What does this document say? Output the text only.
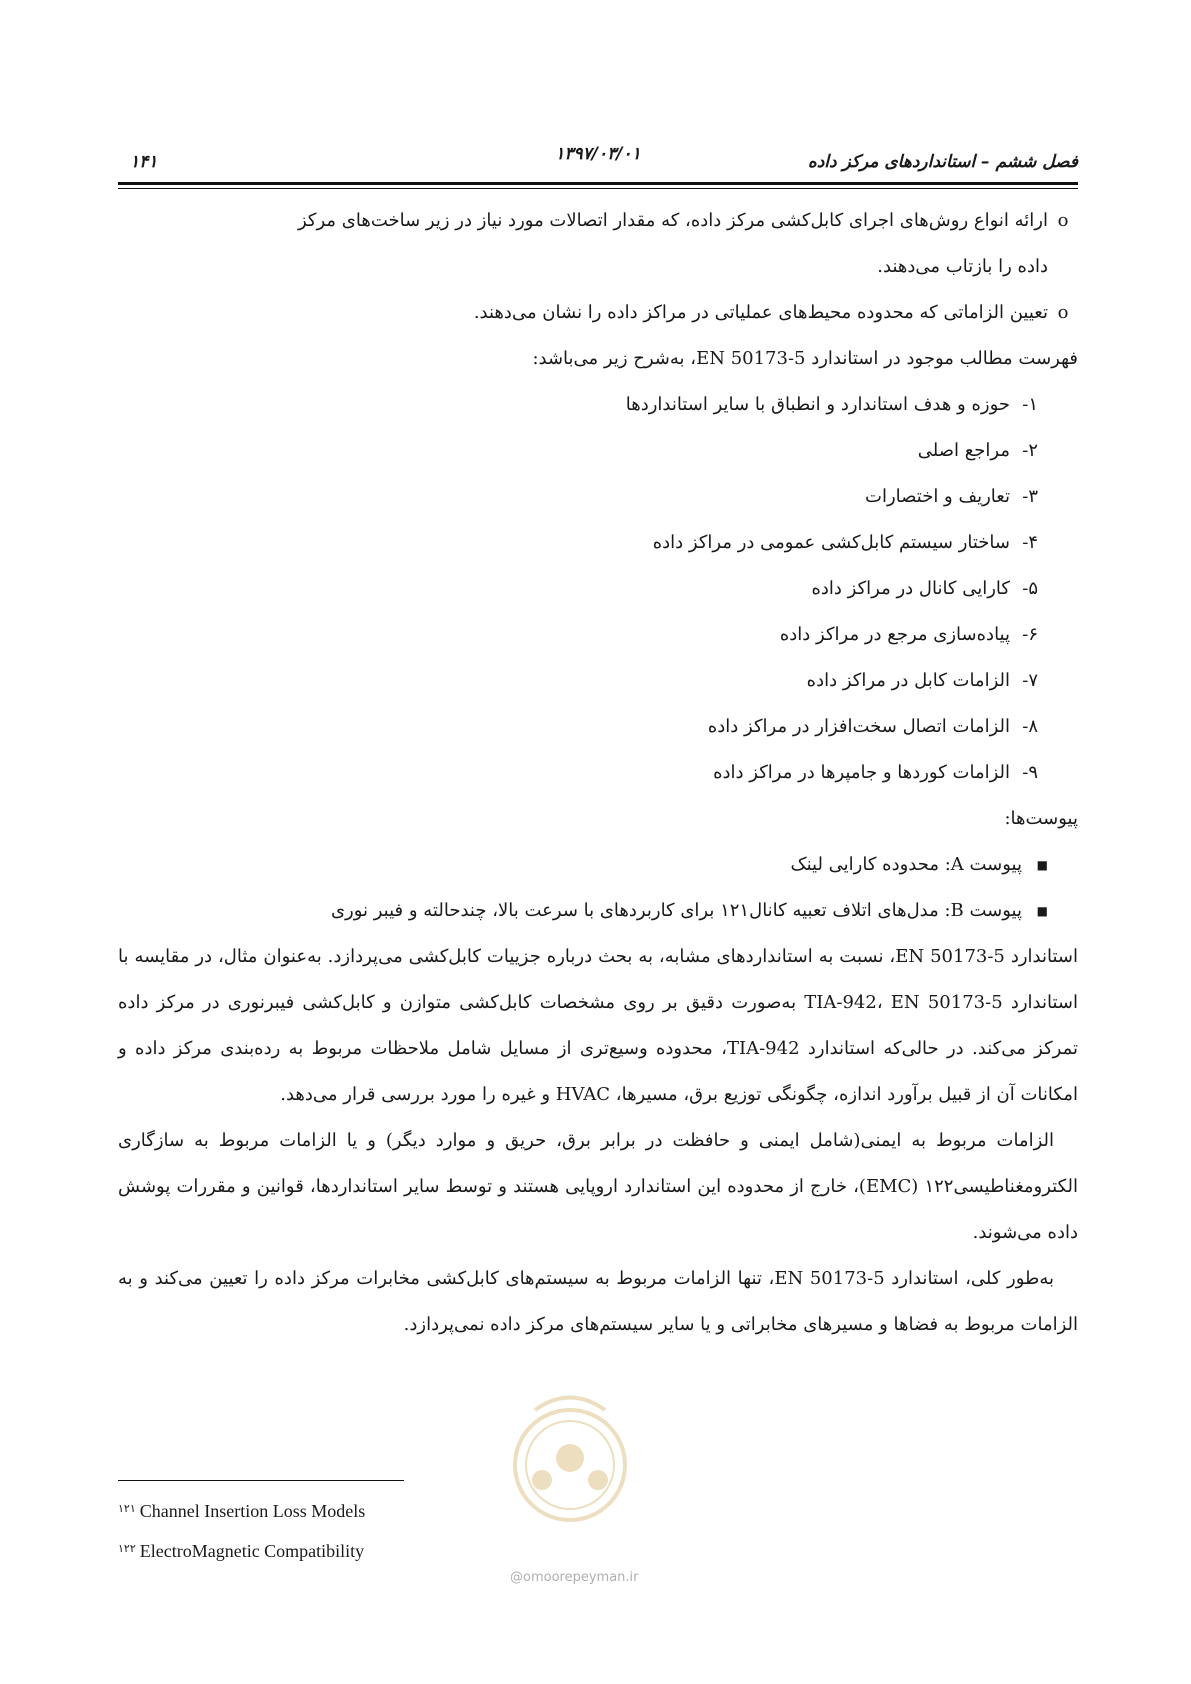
فصل ششم – استانداردهای مرکز داده
۱۳۹۷/۰۳/۰۱
۱۴۱
o
ارائه انواع روش‌های اجرای کابل‌کشی مرکز داده، که مقدار اتصالات مورد نیاز در زیر ساخت‌های مرکز
داده را بازتاب می‌دهند.
o
تعیین الزاماتی که محدوده محیط‌های عملیاتی در مراکز داده را نشان می‌دهند.
فهرست مطالب موجود در استاندارد EN 50173-5، به‌شرح زیر می‌باشد:
۱-
حوزه و هدف استاندارد و انطباق با سایر استانداردها
۲-
مراجع اصلی
۳-
تعاریف و اختصارات
۴-
ساختار سیستم کابل‌کشی عمومی در مراکز داده
۵-
کارایی کانال در مراکز داده
۶-
پیاده‌سازی مرجع در مراکز داده
۷-
الزامات کابل در مراکز داده
۸-
الزامات اتصال سخت‌افزار در مراکز داده
۹-
الزامات کوردها و جامپرها در مراکز داده
پیوست‌ها:
■
پیوست A: محدوده کارایی لینک
■
پیوست B: مدل‌های اتلاف تعبیه کانال۱۲۱ برای کاربردهای با سرعت بالا، چندحالته و فیبر نوری

استاندارد EN 50173-5، نسبت به استانداردهای مشابه، به بحث درباره جزییات کابل‌کشی می‌پردازد. به‌عنوان مثال، در مقایسه با استاندارد TIA-942، EN 50173-5 به‌صورت دقیق بر روی مشخصات کابل‌کشی متوازن و کابل‌کشی فیبرنوری در مرکز داده تمرکز می‌کند. در حالی‌که استاندارد TIA-942، محدوده وسیع‌تری از مسایل شامل ملاحظات مربوط به رده‌بندی مرکز داده و امکانات آن از قبیل برآورد اندازه، چگونگی توزیع برق، مسیرها، HVAC و غیره را مورد بررسی قرار می‌دهد.

الزامات مربوط به ایمنی(شامل ایمنی و حافظت در برابر برق، حریق و موارد دیگر) و یا الزامات مربوط به سازگاری الکترومغناطیسی۱۲۲ (EMC)، خارج از محدوده این استاندارد اروپایی هستند و توسط سایر استانداردها، قوانین و مقررات پوشش داده می‌شوند.

به‌طور کلی، استاندارد EN 50173-5، تنها الزامات مربوط به سیستم‌های کابل‌کشی مخابرات مرکز داده را تعیین می‌کند و به الزامات مربوط به فضاها و مسیرهای مخابراتی و یا سایر سیستم‌های مرکز داده نمی‌پردازد.

@omoorepeyman.ir
$^{۱۲۱}$ Channel Insertion Loss Models
$^{۱۲۲}$ ElectroMagnetic Compatibility
